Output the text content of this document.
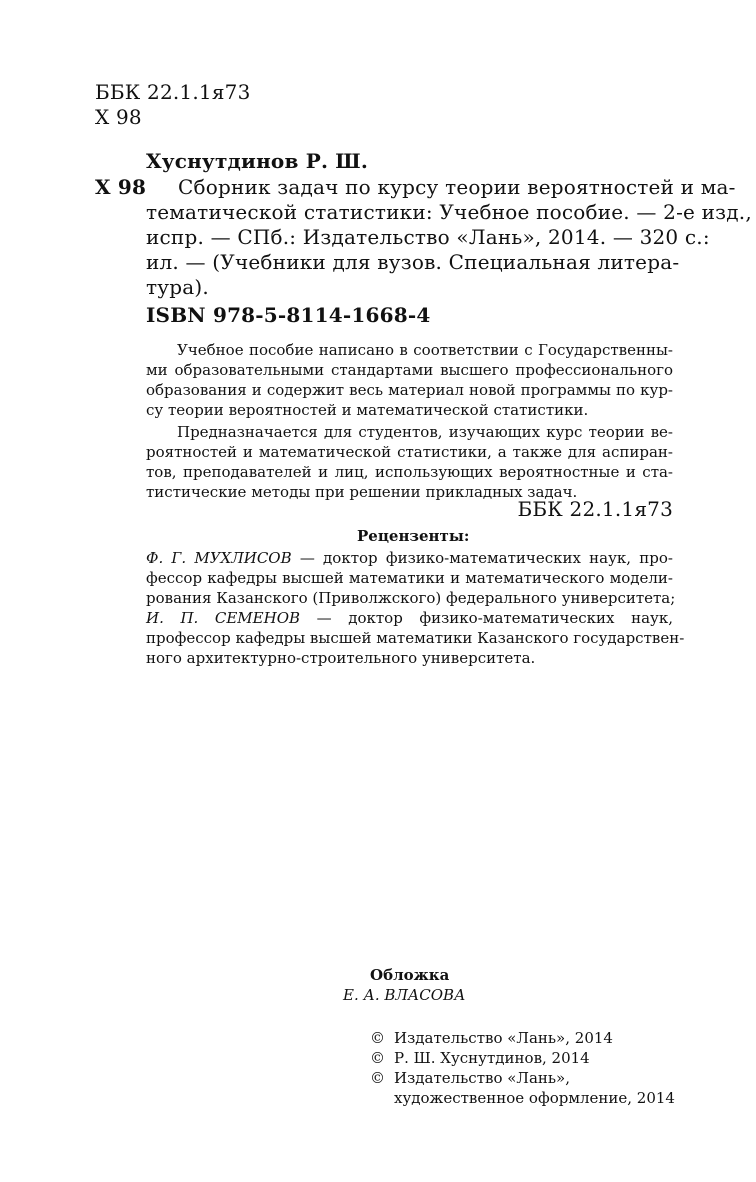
ББК 22.1.1я73
Х 98
Хуснутдинов Р. Ш.
Х 98 Сборник задач по курсу теории вероятностей и ма-
тематической статистики: Учебное пособие. — 2-е изд.,
испр. — СПб.: Издательство «Лань», 2014. — 320 с.:
ил. — (Учебники для вузов. Специальная литера-
тура).
ISBN 978-5-8114-1668-4
Учебное пособие написано в соответствии с Государственны-
ми образовательными стандартами высшего профессионального
образования и содержит весь материал новой программы по кур-
су теории вероятностей и математической статистики.
Предназначается для студентов, изучающих курс теории ве-
роятностей и математической статистики, а также для аспиран-
тов, преподавателей и лиц, использующих вероятностные и ста-
тистические методы при решении прикладных задач.
ББК 22.1.1я73
Рецензенты:
Ф. Г. МУХЛИСОВ — доктор физико-математических наук, про-
фессор кафедры высшей математики и математического модели-
рования Казанского (Приволжского) федерального университета;
И. П. СЕМЕНОВ — доктор физико-математических наук,
профессор кафедры высшей математики Казанского государствен-
ного архитектурно-строительного университета.
Обложка
Е. А. ВЛАСОВА
© Издательство «Лань», 2014
© Р. Ш. Хуснутдинов, 2014
© Издательство «Лань»,
художественное оформление, 2014
